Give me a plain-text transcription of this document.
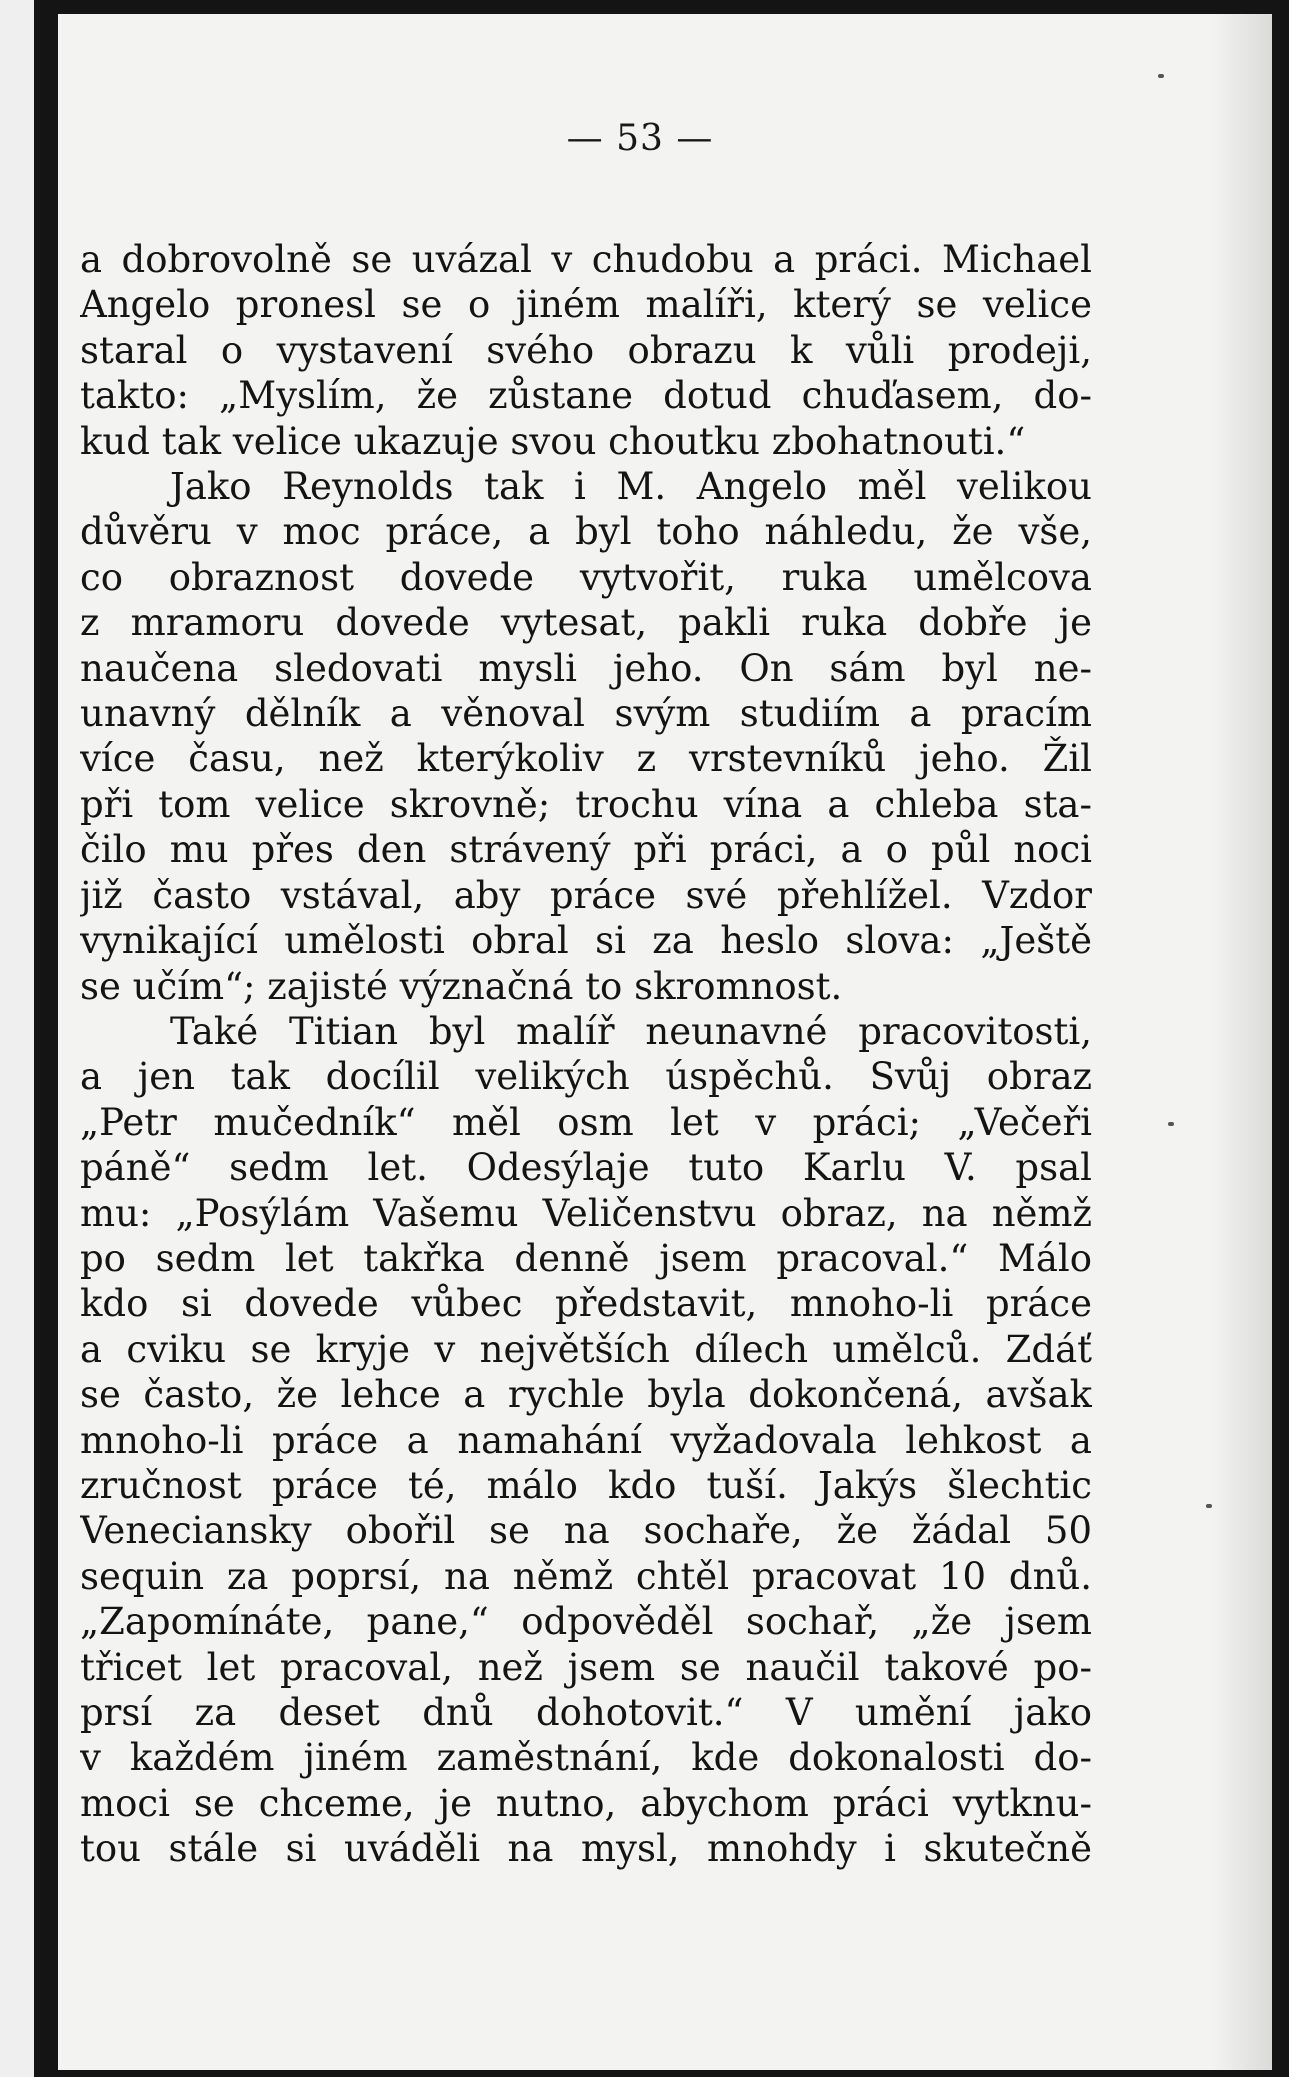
— 53 —
a dobrovolně se uvázal v chudobu a práci. Michael
Angelo pronesl se o jiném malíři, který se velice
staral o vystavení svého obrazu k vůli prodeji,
takto: „Myslím, že zůstane dotud chuďasem, do-
kud tak velice ukazuje svou choutku zbohatnouti.“
Jako Reynolds tak i M. Angelo měl velikou
důvěru v moc práce, a byl toho náhledu, že vše,
co obraznost dovede vytvořit, ruka umělcova
z mramoru dovede vytesat, pakli ruka dobře je
naučena sledovati mysli jeho. On sám byl ne-
unavný dělník a věnoval svým studiím a pracím
více času, než kterýkoliv z vrstevníků jeho. Žil
při tom velice skrovně; trochu vína a chleba sta-
čilo mu přes den strávený při práci, a o půl noci
již často vstával, aby práce své přehlížel. Vzdor
vynikající umělosti obral si za heslo slova: „Ještě
se učím“; zajisté význačná to skromnost.
Také Titian byl malíř neunavné pracovitosti,
a jen tak docílil velikých úspěchů. Svůj obraz
„Petr mučedník“ měl osm let v práci; „Večeři
páně“ sedm let. Odesýlaje tuto Karlu V. psal
mu: „Posýlám Vašemu Veličenstvu obraz, na němž
po sedm let takřka denně jsem pracoval.“ Málo
kdo si dovede vůbec představit, mnoho-li práce
a cviku se kryje v největších dílech umělců. Zdáť
se často, že lehce a rychle byla dokončená, avšak
mnoho-li práce a namahání vyžadovala lehkost a
zručnost práce té, málo kdo tuší. Jakýs šlechtic
Veneciansky obořil se na sochaře, že žádal 50
sequin za poprsí, na němž chtěl pracovat 10 dnů.
„Zapomínáte, pane,“ odpověděl sochař, „že jsem
třicet let pracoval, než jsem se naučil takové po-
prsí za deset dnů dohotovit.“ V umění jako
v každém jiném zaměstnání, kde dokonalosti do-
moci se chceme, je nutno, abychom práci vytknu-
tou stále si uváděli na mysl, mnohdy i skutečně
